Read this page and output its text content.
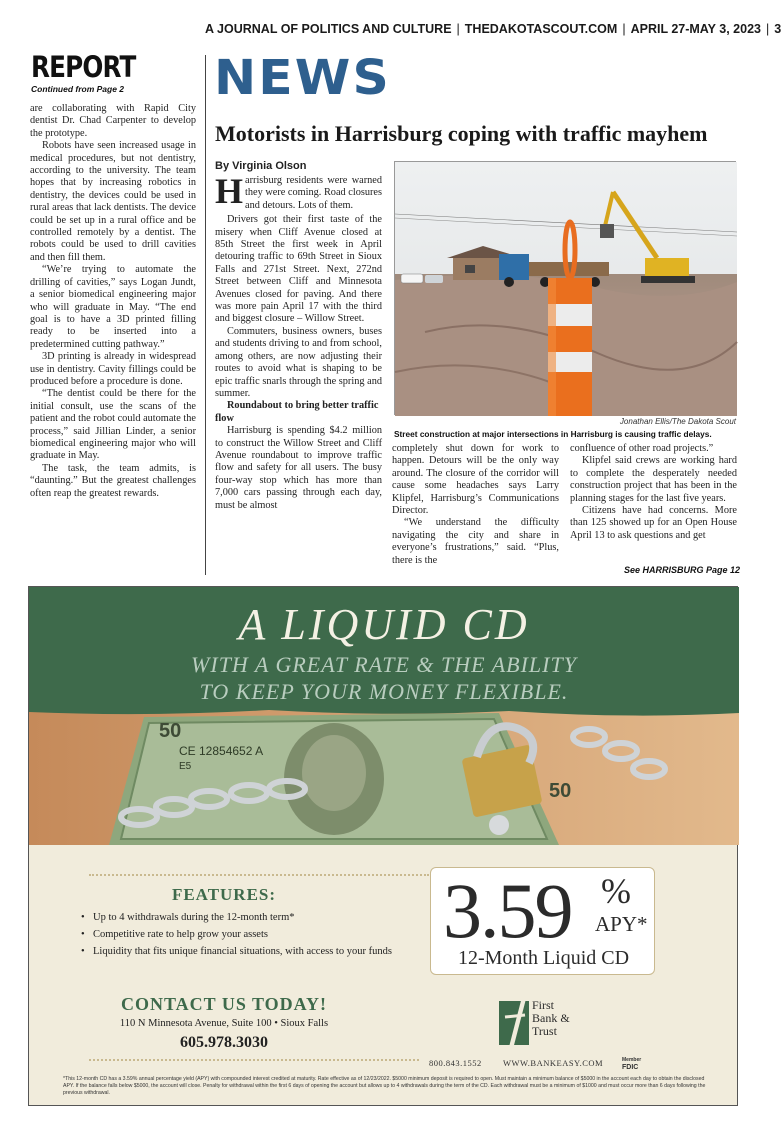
A JOURNAL OF POLITICS AND CULTURE | THEDAKOTASCOUT.COM | APRIL 27-MAY 3, 2023 | 3
REPORT
Continued from Page 2

are collaborating with Rapid City dentist Dr. Chad Carpenter to develop the prototype.

Robots have seen increased usage in medical procedures, but not dentistry, according to the university. The team hopes that by increasing robotics in dentistry, the devices could be used in rural areas that lack dentists. The device could be set up in a rural office and be controlled remotely by a dentist. The robots could be used to drill cavities and then fill them.

“We’re trying to automate the drilling of cavities,” says Logan Jundt, a senior biomedical engineering major who will graduate in May. “The end goal is to have a 3D printed filling ready to be inserted into a predetermined cutting pathway.”

3D printing is already in widespread use in dentistry. Cavity fillings could be produced before a procedure is done.

“The dentist could be there for the initial consult, use the scans of the patient and the robot could automate the process,” said Jillian Linder, a senior biomedical engineering major who will graduate in May.

The task, the team admits, is “daunting.” But the greatest challenges often reap the greatest rewards.

NEWS
Motorists in Harrisburg coping with traffic mayhem
By Virginia Olson

Harrisburg residents were warned they were coming. Road closures and detours. Lots of them.

Drivers got their first taste of the misery when Cliff Avenue closed at 85th Street the first week in April detouring traffic to 69th Street in Sioux Falls and 271st Street. Next, 272nd Street between Cliff and Minnesota Avenues closed for paving. And there was more pain April 17 with the third and biggest closure – Willow Street.

Commuters, business owners, buses and students driving to and from school, among others, are now adjusting their routes to avoid what is shaping to be epic traffic snarls through the spring and summer.

Roundabout to bring better traffic flow

Harrisburg is spending $4.2 million to construct the Willow Street and Cliff Avenue roundabout to improve traffic flow and safety for all users. The busy four-way stop which has more than 7,000 cars passing through each day, must be almost

Jonathan Ellis/The Dakota Scout
Street construction at major intersections in Harrisburg is causing traffic delays.

completely shut down for work to happen. Detours will be the only way around. The closure of the corridor will cause some headaches says Larry Klipfel, Harrisburg’s Communications Director.

“We understand the difficulty navigating the city and share in everyone’s frustrations,” said. “Plus, there is the

confluence of other road projects.”

Klipfel said crews are working hard to complete the desperately needed construction project that has been in the planning stages for the last five years.

Citizens have had concerns. More than 125 showed up for an Open House April 13 to ask questions and get

See HARRISBURG Page 12
A LIQUID CD
WITH A GREAT RATE & THE ABILITY
TO KEEP YOUR MONEY FLEXIBLE.
50
CE 12854652 A
E5
50
FEATURES:
• Up to 4 withdrawals during the 12-month term*
• Competitive rate to help grow your assets
• Liquidity that fits unique financial situations, with access to your funds 3.59 %
APY*
12-Month Liquid CD
CONTACT US TODAY!
110 N Minnesota Avenue, Suite 100 • Sioux Falls
605.978.3030
First
Bank &
Trust
800.843.1552	WWW.BANKEASY.COM	Member
FDIC
*This 12-month CD has a 3.59% annual percentage yield (APY) with compounded interest credited at maturity. Rate effective as of 12/23/2022. $5000 minimum deposit is required to open. Must maintain a minimum balance of $5000 in the account each day to obtain the disclosed APY. If the balance falls below $5000, the account will close. Penalty for withdrawal within the first 6 days of opening the account but allows up to 4 withdrawals during the term of the CD. Each withdrawal must be a minimum of $1000 and must occur more than 6 days following the previous withdrawal.
